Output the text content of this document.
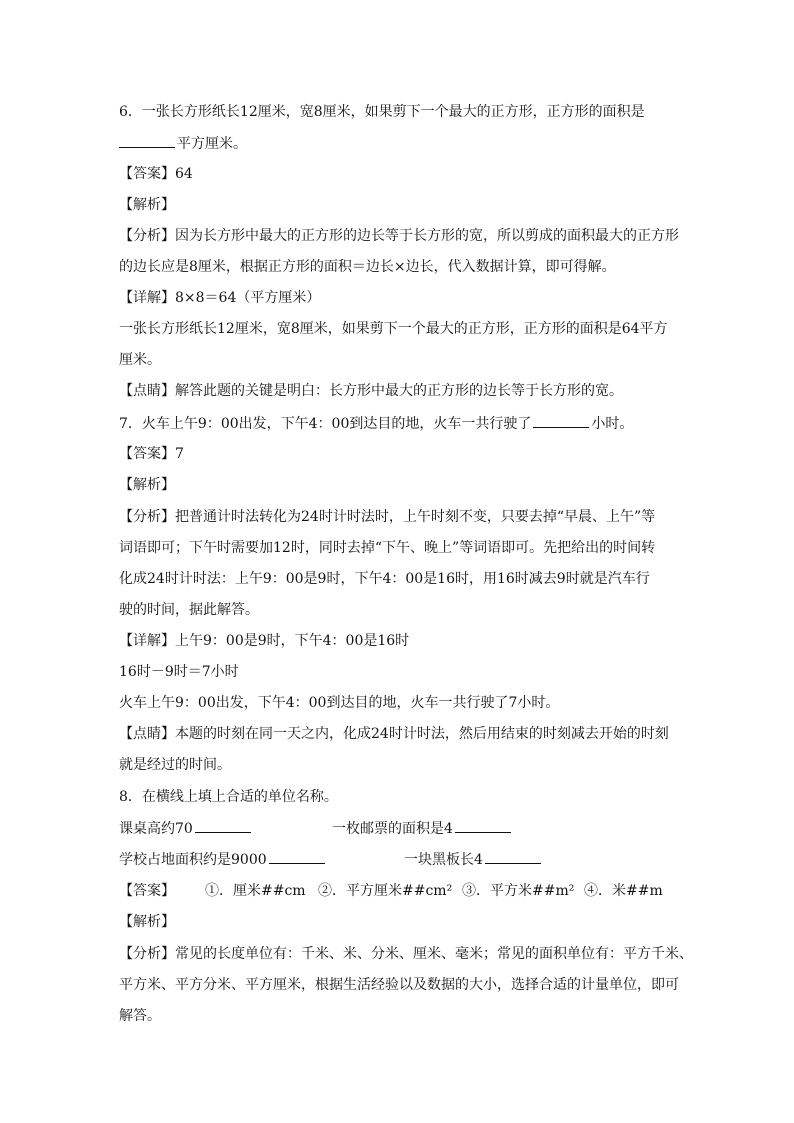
6．一张长方形纸长12厘米，宽8厘米，如果剪下一个最大的正方形，正方形的面积是
平方厘米。
【答案】64
【解析】
【分析】因为长方形中最大的正方形的边长等于长方形的宽，所以剪成的面积最大的正方形
的边长应是8厘米，根据正方形的面积＝边长×边长，代入数据计算，即可得解。
【详解】8×8＝64（平方厘米）
一张长方形纸长12厘米，宽8厘米，如果剪下一个最大的正方形，正方形的面积是64平方
厘米。
【点睛】解答此题的关键是明白：长方形中最大的正方形的边长等于长方形的宽。
7．火车上午9：00出发，下午4：00到达目的地，火车一共行驶了	小时。
【答案】7
【解析】
【分析】把普通计时法转化为24时计时法时，上午时刻不变，只要去掉“早晨、上午”等
词语即可；下午时需要加12时，同时去掉“下午、晚上”等词语即可。先把给出的时间转
化成24时计时法：上午9：00是9时，下午4：00是16时，用16时减去9时就是汽车行
驶的时间，据此解答。
【详解】上午9：00是9时，下午4：00是16时
16时－9时＝7小时
火车上午9：00出发，下午4：00到达目的地，火车一共行驶了7小时。
【点睛】本题的时刻在同一天之内，化成24时计时法，然后用结束的时刻减去开始的时刻
就是经过的时间。
8．在横线上填上合适的单位名称。
课桌高约70	一枚邮票的面积是4
学校占地面积约是9000	一块黑板长4
【答案】 ①．厘米##cm ②．平方厘米##cm² ③．平方米##m² ④．米##m
【解析】
【分析】常见的长度单位有：千米、米、分米、厘米、毫米；常见的面积单位有：平方千米、
平方米、平方分米、平方厘米，根据生活经验以及数据的大小，选择合适的计量单位，即可
解答。
